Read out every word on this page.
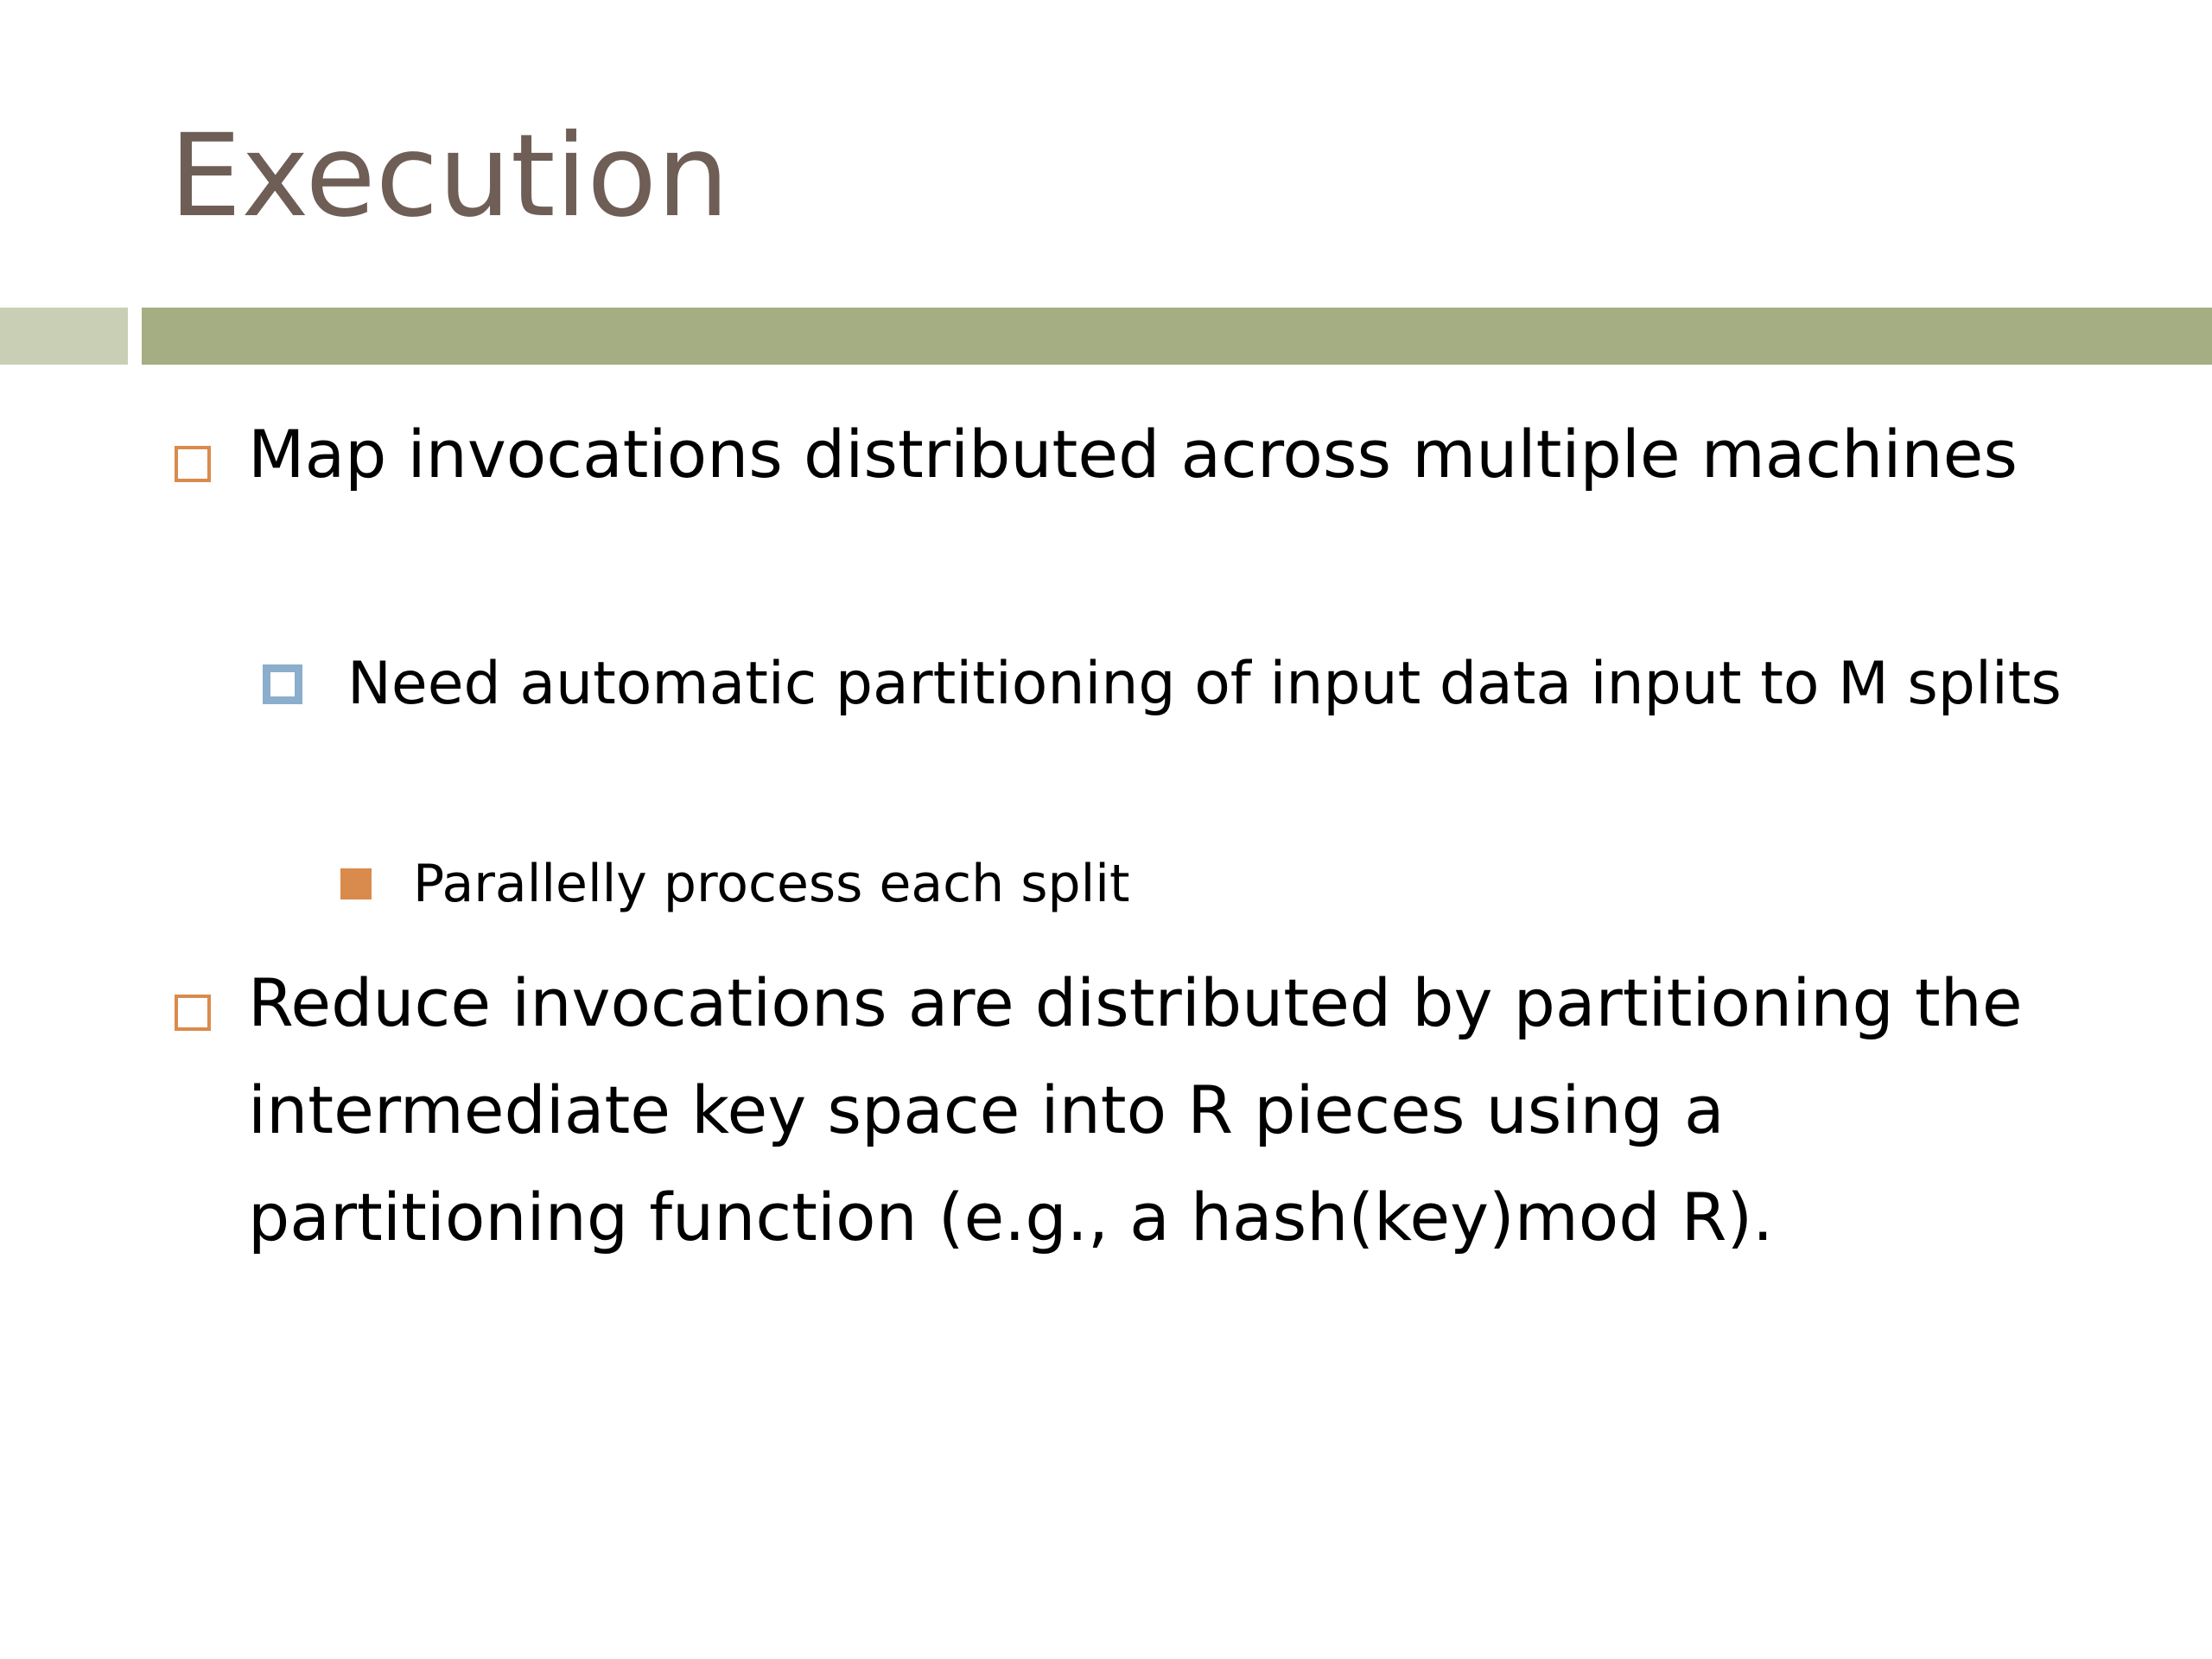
Execution
Map invocations distributed across multiple machines
Need automatic partitioning of input data input to M splits
Parallelly process each split
Reduce invocations are distributed by partitioning the intermediate key space into R pieces using a partitioning function (e.g., a hash(key)mod R).
